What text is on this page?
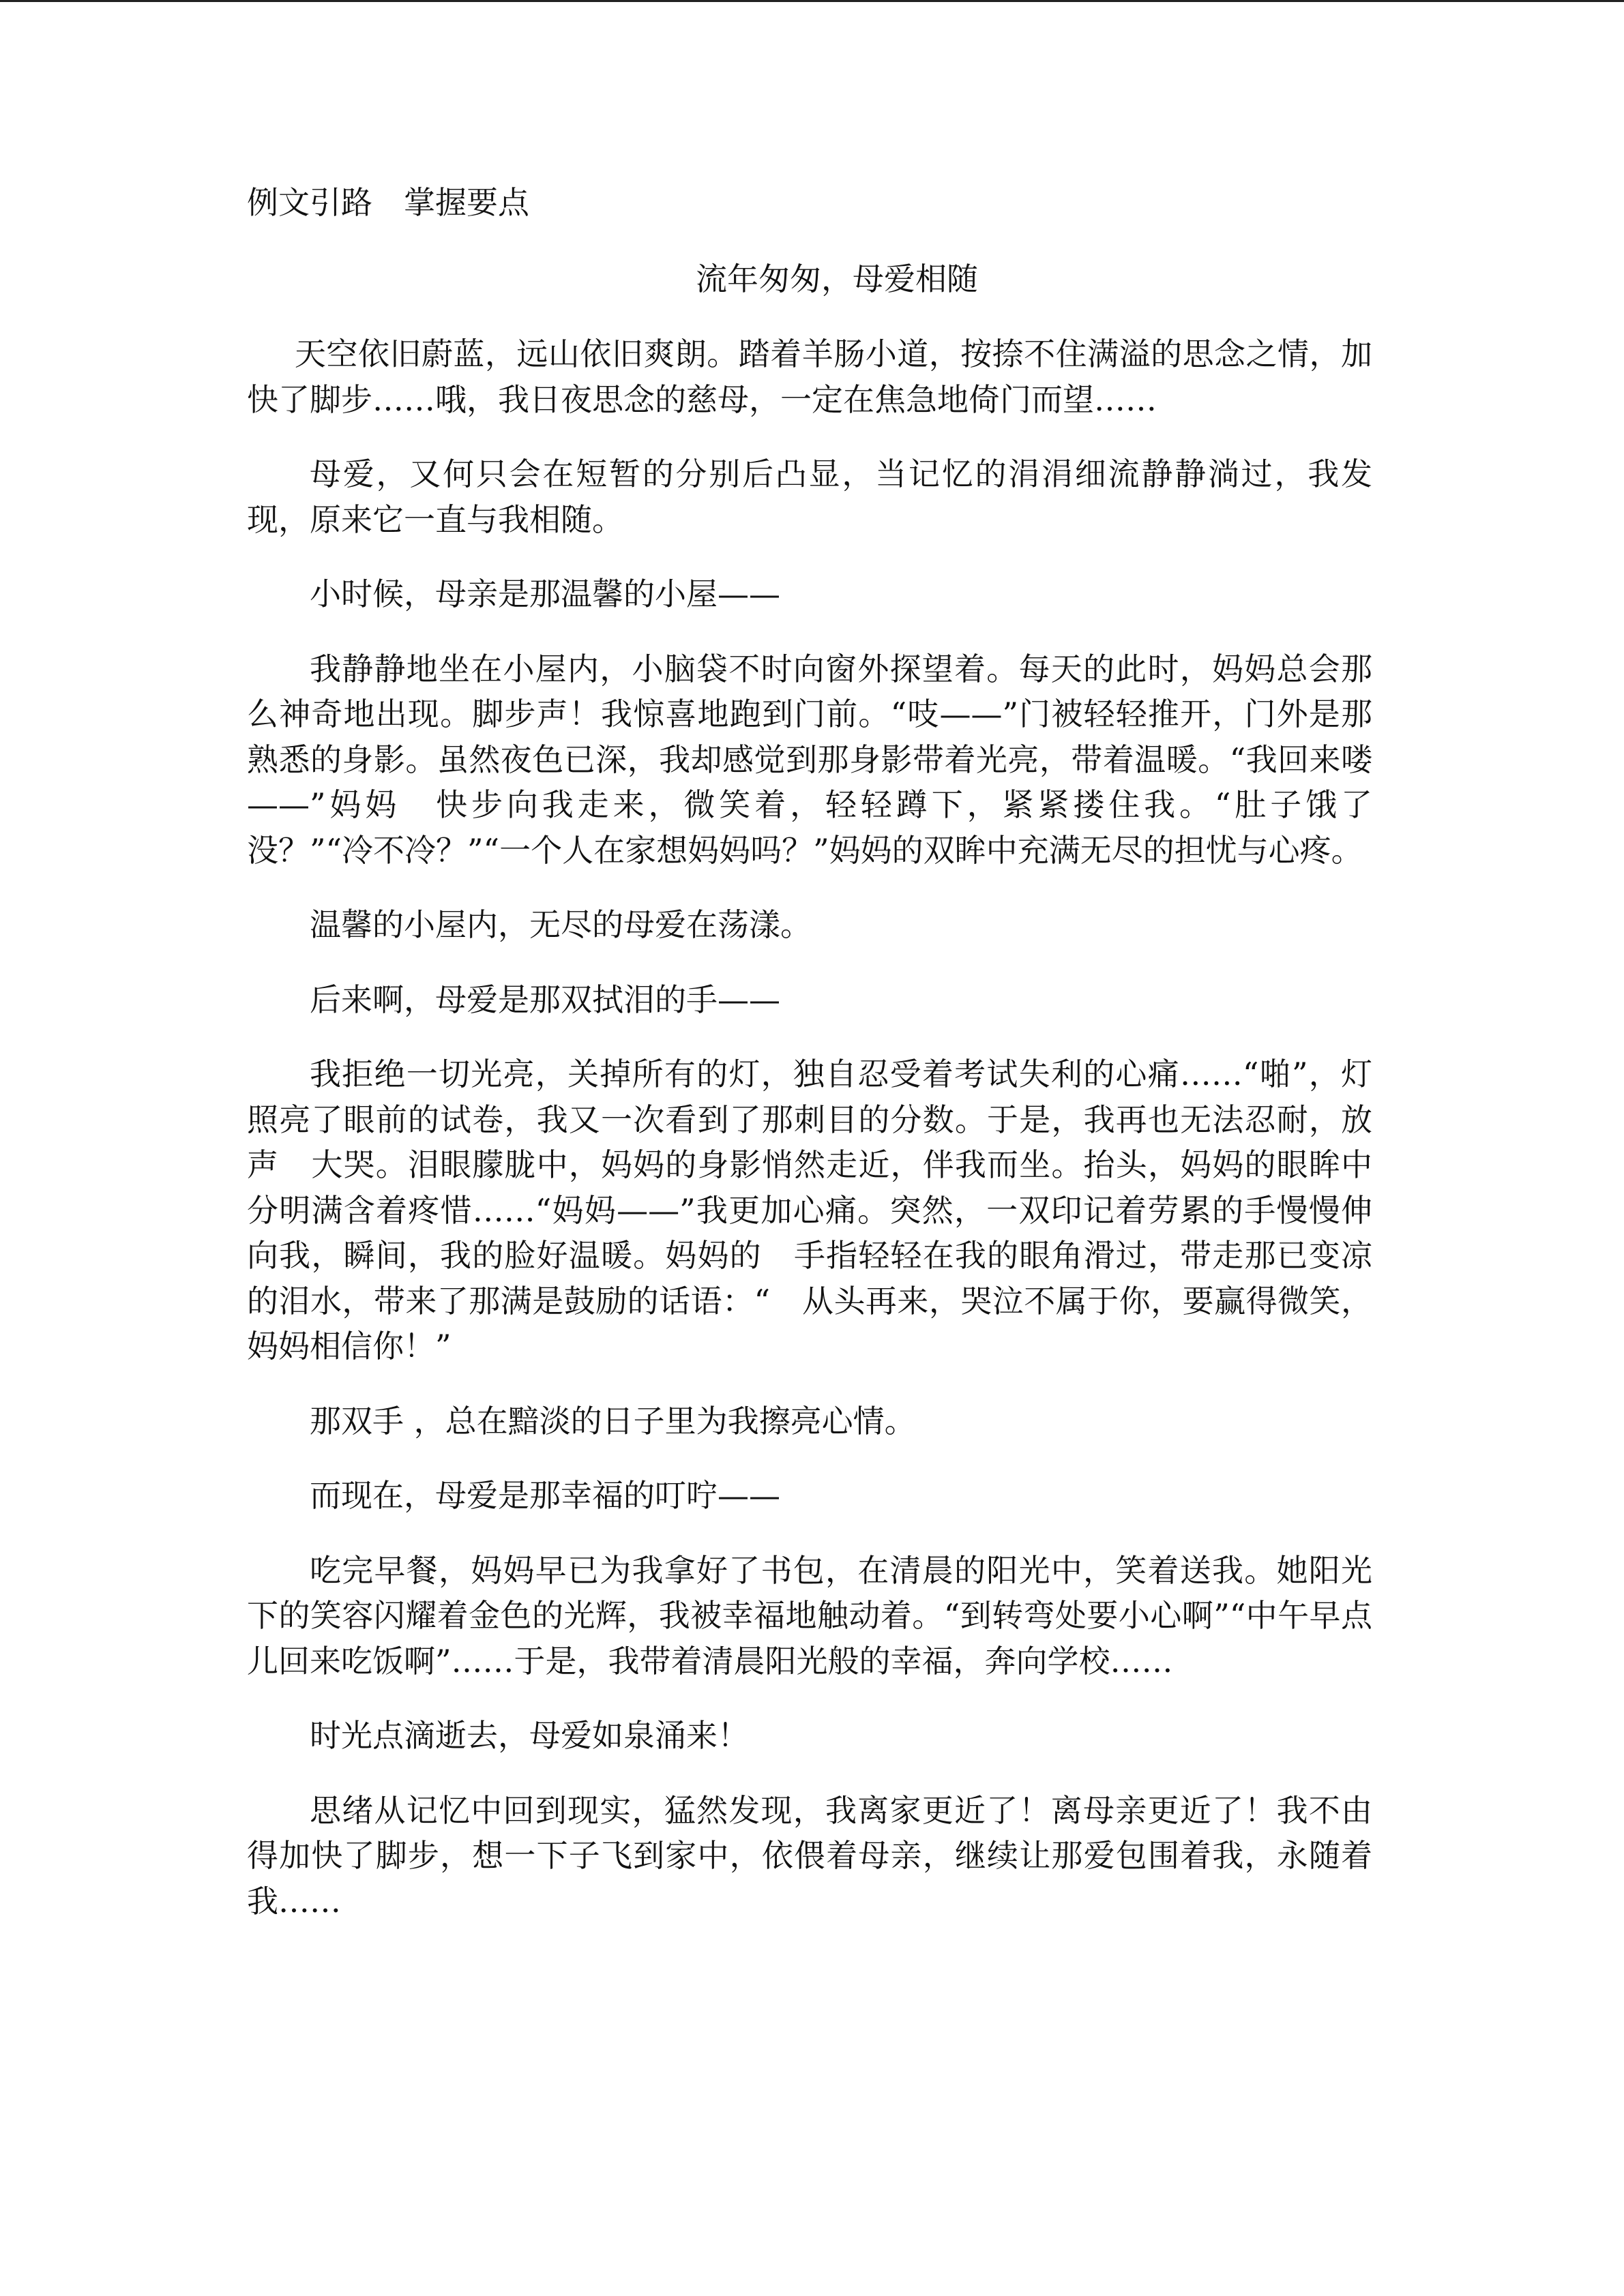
例文引路　掌握要点
流年匆匆，母爱相随

天空依旧蔚蓝，远山依旧爽朗。踏着羊肠小道，按捺不住满溢的思念之情，加快了脚步……哦，我日夜思念的慈母，一定在焦急地倚门而望……

母爱，又何只会在短暂的分别后凸显，当记忆的涓涓细流静静淌过，我发现，原来它一直与我相随。

小时候，母亲是那温馨的小屋——

我静静地坐在小屋内，小脑袋不时向窗外探望着。每天的此时，妈妈总会那么神奇地出现。脚步声！我惊喜地跑到门前。“吱——”门被轻轻推开，门外是那熟悉的身影。虽然夜色已深，我却感觉到那身影带着光亮，带着温暖。“我回来喽——”妈妈　快步向我走来，微笑着，轻轻蹲下，紧紧搂住我。“肚子饿了没？”“冷不冷？”“一个人在家想妈妈吗？”妈妈的双眸中充满无尽的担忧与心疼。

温馨的小屋内，无尽的母爱在荡漾。

后来啊，母爱是那双拭泪的手——

我拒绝一切光亮，关掉所有的灯，独自忍受着考试失利的心痛……“啪”，灯照亮了眼前的试卷，我又一次看到了那刺目的分数。于是，我再也无法忍耐，放声　大哭。泪眼朦胧中，妈妈的身影悄然走近，伴我而坐。抬头，妈妈的眼眸中分明满含着疼惜……“妈妈——”我更加心痛。突然，一双印记着劳累的手慢慢伸向我，瞬间，我的脸好温暖。妈妈的　手指轻轻在我的眼角滑过，带走那已变凉的泪水，带来了那满是鼓励的话语：“　从头再来，哭泣不属于你，要赢得微笑，妈妈相信你！”

那双手 ，总在黯淡的日子里为我擦亮心情。

而现在，母爱是那幸福的叮咛——

吃完早餐，妈妈早已为我拿好了书包，在清晨的阳光中，笑着送我。她阳光下的笑容闪耀着金色的光辉，我被幸福地触动着。“到转弯处要小心啊”“中午早点儿回来吃饭啊”……于是，我带着清晨阳光般的幸福，奔向学校……

时光点滴逝去，母爱如泉涌来！

思绪从记忆中回到现实，猛然发现，我离家更近了！离母亲更近了！我不由得加快了脚步，想一下子飞到家中，依偎着母亲，继续让那爱包围着我，永随着我……
